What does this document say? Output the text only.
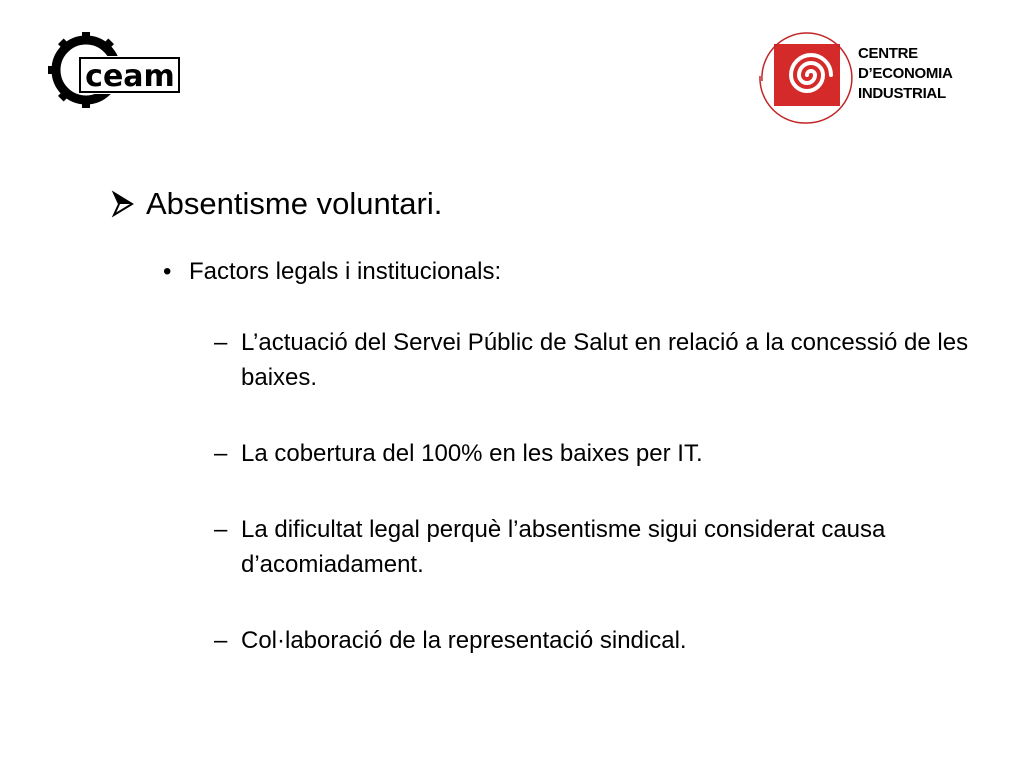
ceam
CENTRE
D’ECONOMIA
INDUSTRIAL
Absentisme voluntari.
• Factors legals i institucionals:
– L’actuació del Servei Públic de Salut en relació a la concessió de les baixes.
– La cobertura del 100% en les baixes per IT.
– La dificultat legal perquè l’absentisme sigui considerat causa d’acomiadament.
– Col·laboració de la representació sindical.
